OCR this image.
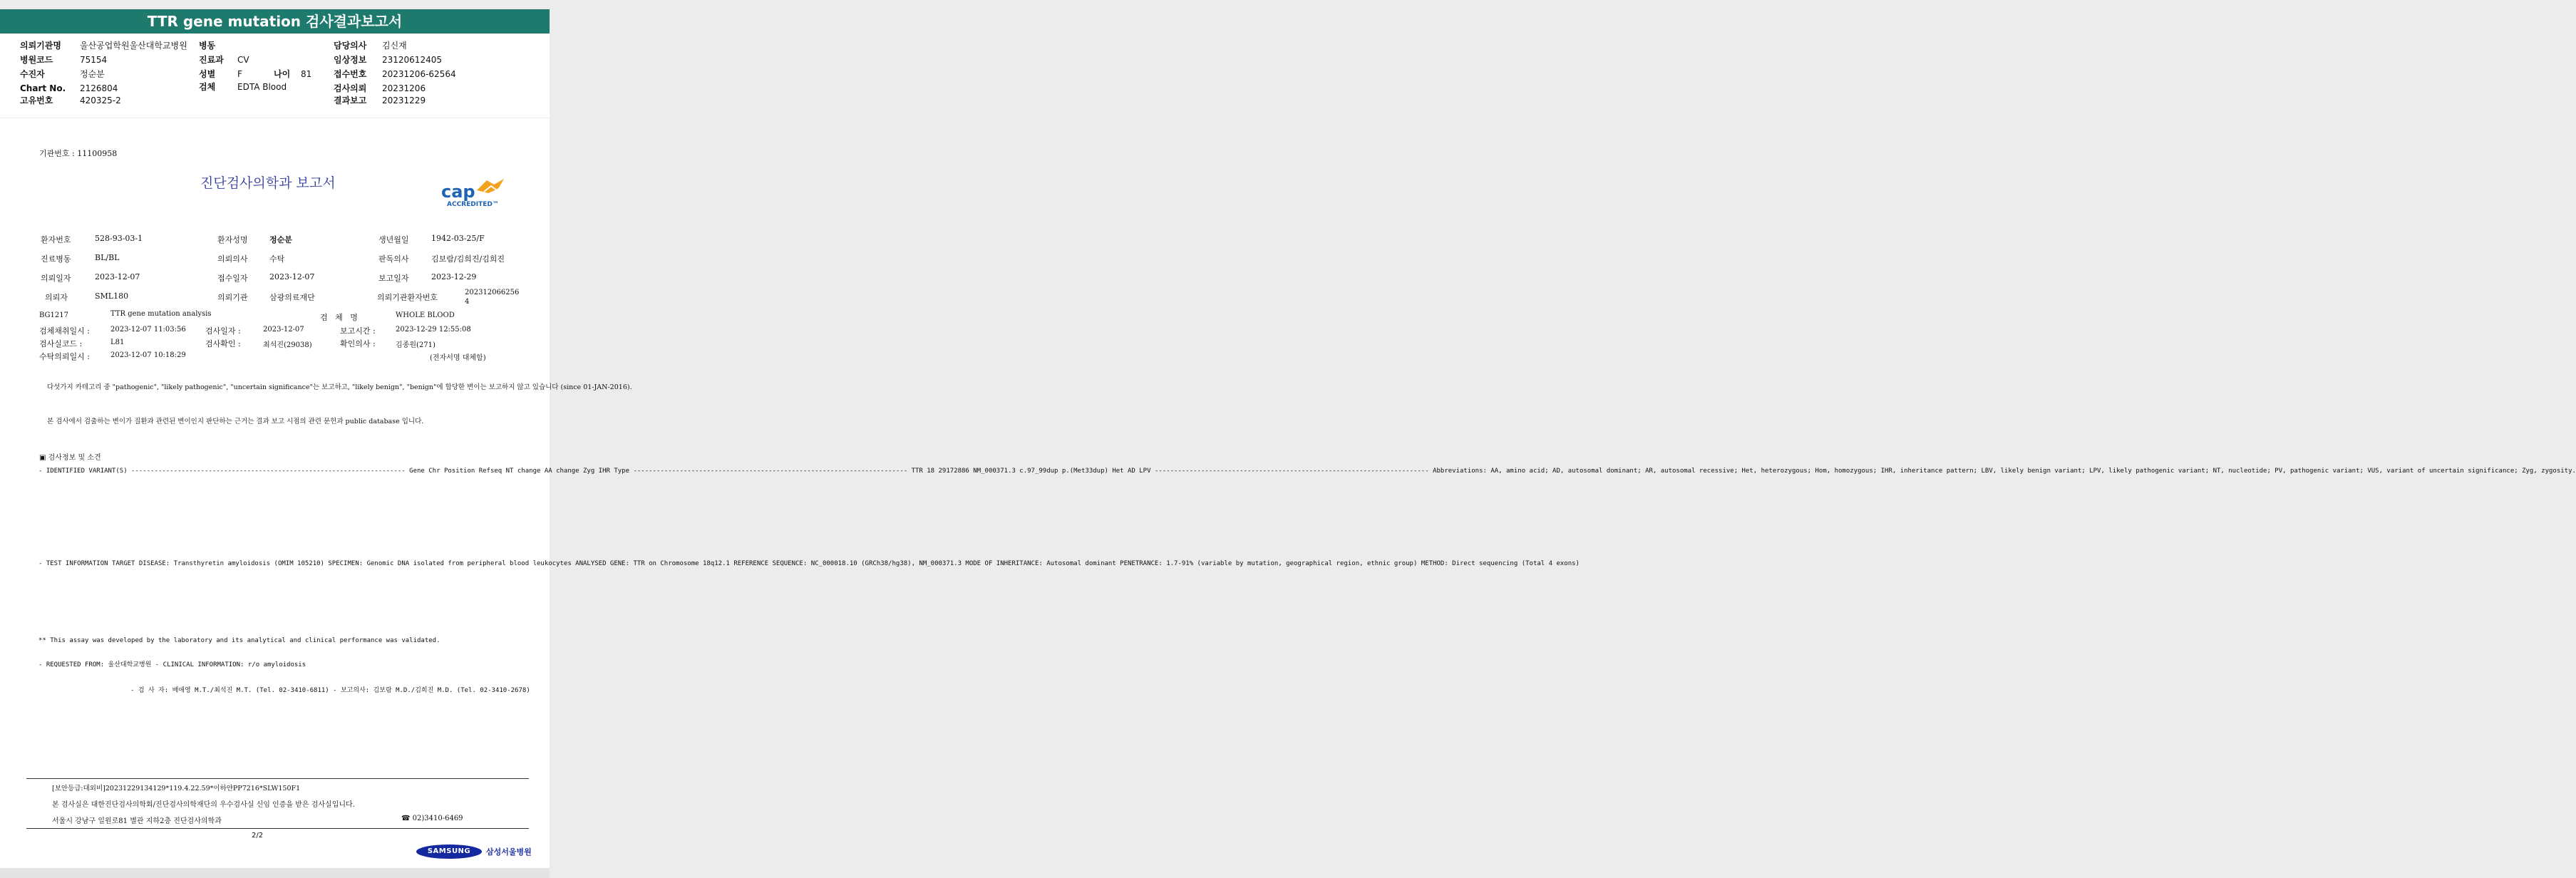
TTR gene mutation 검사결과보고서
의뢰기관명 울산공업학원울산대학교병원 병동	담당의사 김신재
병원코드	75154	진료과 CV	임상정보 23120612405
수진자	정순분	성별	F	나이 81	접수번호 20231206-62564
Chart No. 2126804	검체	EDTA Blood	검사의뢰 20231206
고유번호	420325-2	결과보고 20231229
기관번호 : 11100958
진단검사의학과 보고서	cap
ACCREDITED™
환자번호	528-93-03-1	환자성명	정순분	생년월일	1942-03-25/F
진료병동	BL/BL	의뢰의사	수탁	판독의사	김보람/김희진/김희진
의뢰일자	2023-12-07	접수일자	2023-12-07	보고일자	2023-12-29
의뢰자	SML180	의뢰기관	삼광의료재단	의뢰기관환자번호
202312066256 4
BG1217	TTR gene mutation analysis	검   체   명	WHOLE BLOOD
검체채취일시 :	2023-12-07 11:03:56 검사일자 :	2023-12-07	보고시간 :	2023-12-29 12:55:08
검사실코드 :	L81	검사확인 :	최석진(29038)	확인의사 :	김종원(271)
수탁의뢰일시 :	2023-12-07 10:18:29	(전자서명 대체함)
다섯가지 카테고리 중 "pathogenic", "likely pathogenic", "uncertain significance"는 보고하고, "likely benign", "benign"에 합당한 변이는 보고하지 않고 있습니다 (since 01-JAN-2016).
본 검사에서 검출하는 변이가 질환과 관련된 변이인지 판단하는 근거는 결과 보고 시점의 관련 문헌과 public database 입니다.
▣ 검사정보 및 소견
- IDENTIFIED VARIANT(S) ----------------------------------------------------------------------- Gene Chr Position Refseq NT change AA change Zyg IHR Type ----------------------------------------------------------------------- TTR 18 29172886 NM_000371.3 c.97_99dup p.(Met33dup) Het AD LPV ----------------------------------------------------------------------- Abbreviations: AA, amino acid; AD, autosomal dominant; AR, autosomal recessive; Het, heterozygous; Hom, homozygous; IHR, inheritance pattern; LBV, likely benign variant; LPV, likely pathogenic variant; NT, nucleotide; PV, pathogenic variant; VUS, variant of uncertain significance; Zyg, zygosity.
- TEST INFORMATION TARGET DISEASE: Transthyretin amyloidosis (OMIM 105210) SPECIMEN: Genomic DNA isolated from peripheral blood leukocytes ANALYSED GENE: TTR on Chromosome 18q12.1 REFERENCE SEQUENCE: NC_000018.10 (GRCh38/hg38), NM_000371.3 MODE OF INHERITANCE: Autosomal dominant PENETRANCE: 1.7-91% (variable by mutation, geographical region, ethnic group) METHOD: Direct sequencing (Total 4 exons)
** This assay was developed by the laboratory and its analytical and clinical performance was validated.
- REQUESTED FROM: 울산대학교병원 - CLINICAL INFORMATION: r/o amyloidosis
- 검 사 자: 배애영 M.T./최석진 M.T. (Tel. 02-3410-6811) - 보고의사: 김보람 M.D./김희진 M.D. (Tel. 02-3410-2678)
[보안등급:대외비]20231229134129*119.4.22.59*이하얀PP7216*SLW150F1
본 검사실은 대한진단검사의학회/진단검사의학재단의 우수검사실 신임 인증을 받은 검사실입니다.
서울시 강남구 일원로81 별관 지하2층 진단검사의학과	☎ 02)3410-6469
2/2
SAMSUNG	삼성서울병원
